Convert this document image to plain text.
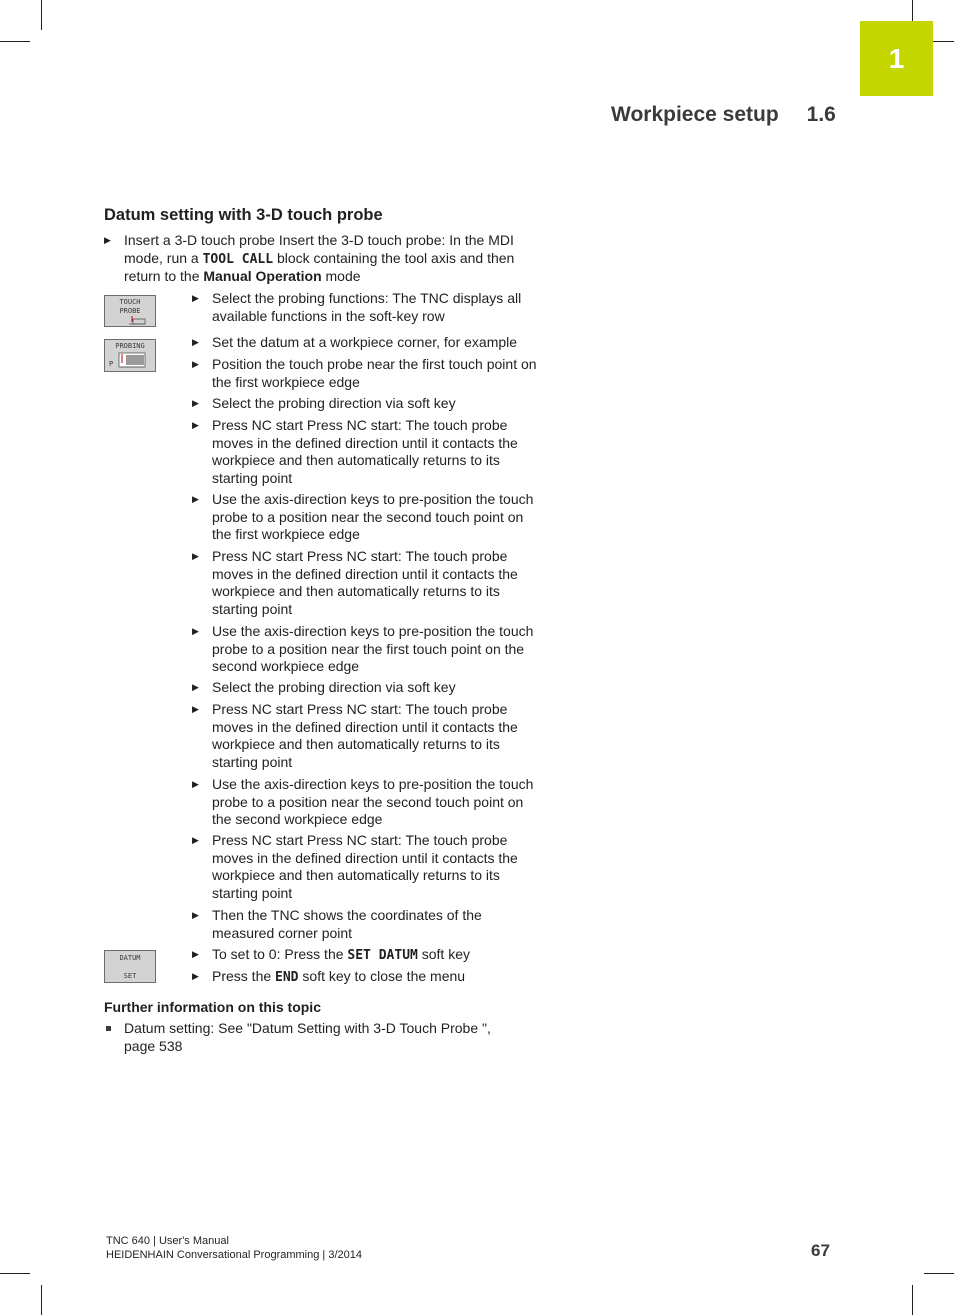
1
Workpiece setup 1.6
Datum setting with 3-D touch probe
▶ Insert a 3-D touch probe Insert the 3-D touch probe: In the MDI mode, run a TOOL CALL block containing the tool axis and then return to the Manual Operation mode
TOUCH
PROBE
▶ Select the probing functions: The TNC displays all available functions in the soft-key row
PROBING
P
▶ Set the datum at a workpiece corner, for example
▶ Position the touch probe near the first touch point on the first workpiece edge
▶ Select the probing direction via soft key
▶ Press NC start Press NC start: The touch probe moves in the defined direction until it contacts the workpiece and then automatically returns to its starting point
▶ Use the axis-direction keys to pre-position the touch probe to a position near the second touch point on the first workpiece edge
▶ Press NC start Press NC start: The touch probe moves in the defined direction until it contacts the workpiece and then automatically returns to its starting point
▶ Use the axis-direction keys to pre-position the touch probe to a position near the first touch point on the second workpiece edge
▶ Select the probing direction via soft key
▶ Press NC start Press NC start: The touch probe moves in the defined direction until it contacts the workpiece and then automatically returns to its starting point
▶ Use the axis-direction keys to pre-position the touch probe to a position near the second touch point on the second workpiece edge
▶ Press NC start Press NC start: The touch probe moves in the defined direction until it contacts the workpiece and then automatically returns to its starting point
▶ Then the TNC shows the coordinates of the measured corner point
DATUM
SET
▶ To set to 0: Press the SET DATUM soft key
▶ Press the END soft key to close the menu
Further information on this topic
Datum setting: See "Datum Setting with 3-D Touch Probe ", page 538
TNC 640 | User's Manual
HEIDENHAIN Conversational Programming | 3/2014	67
